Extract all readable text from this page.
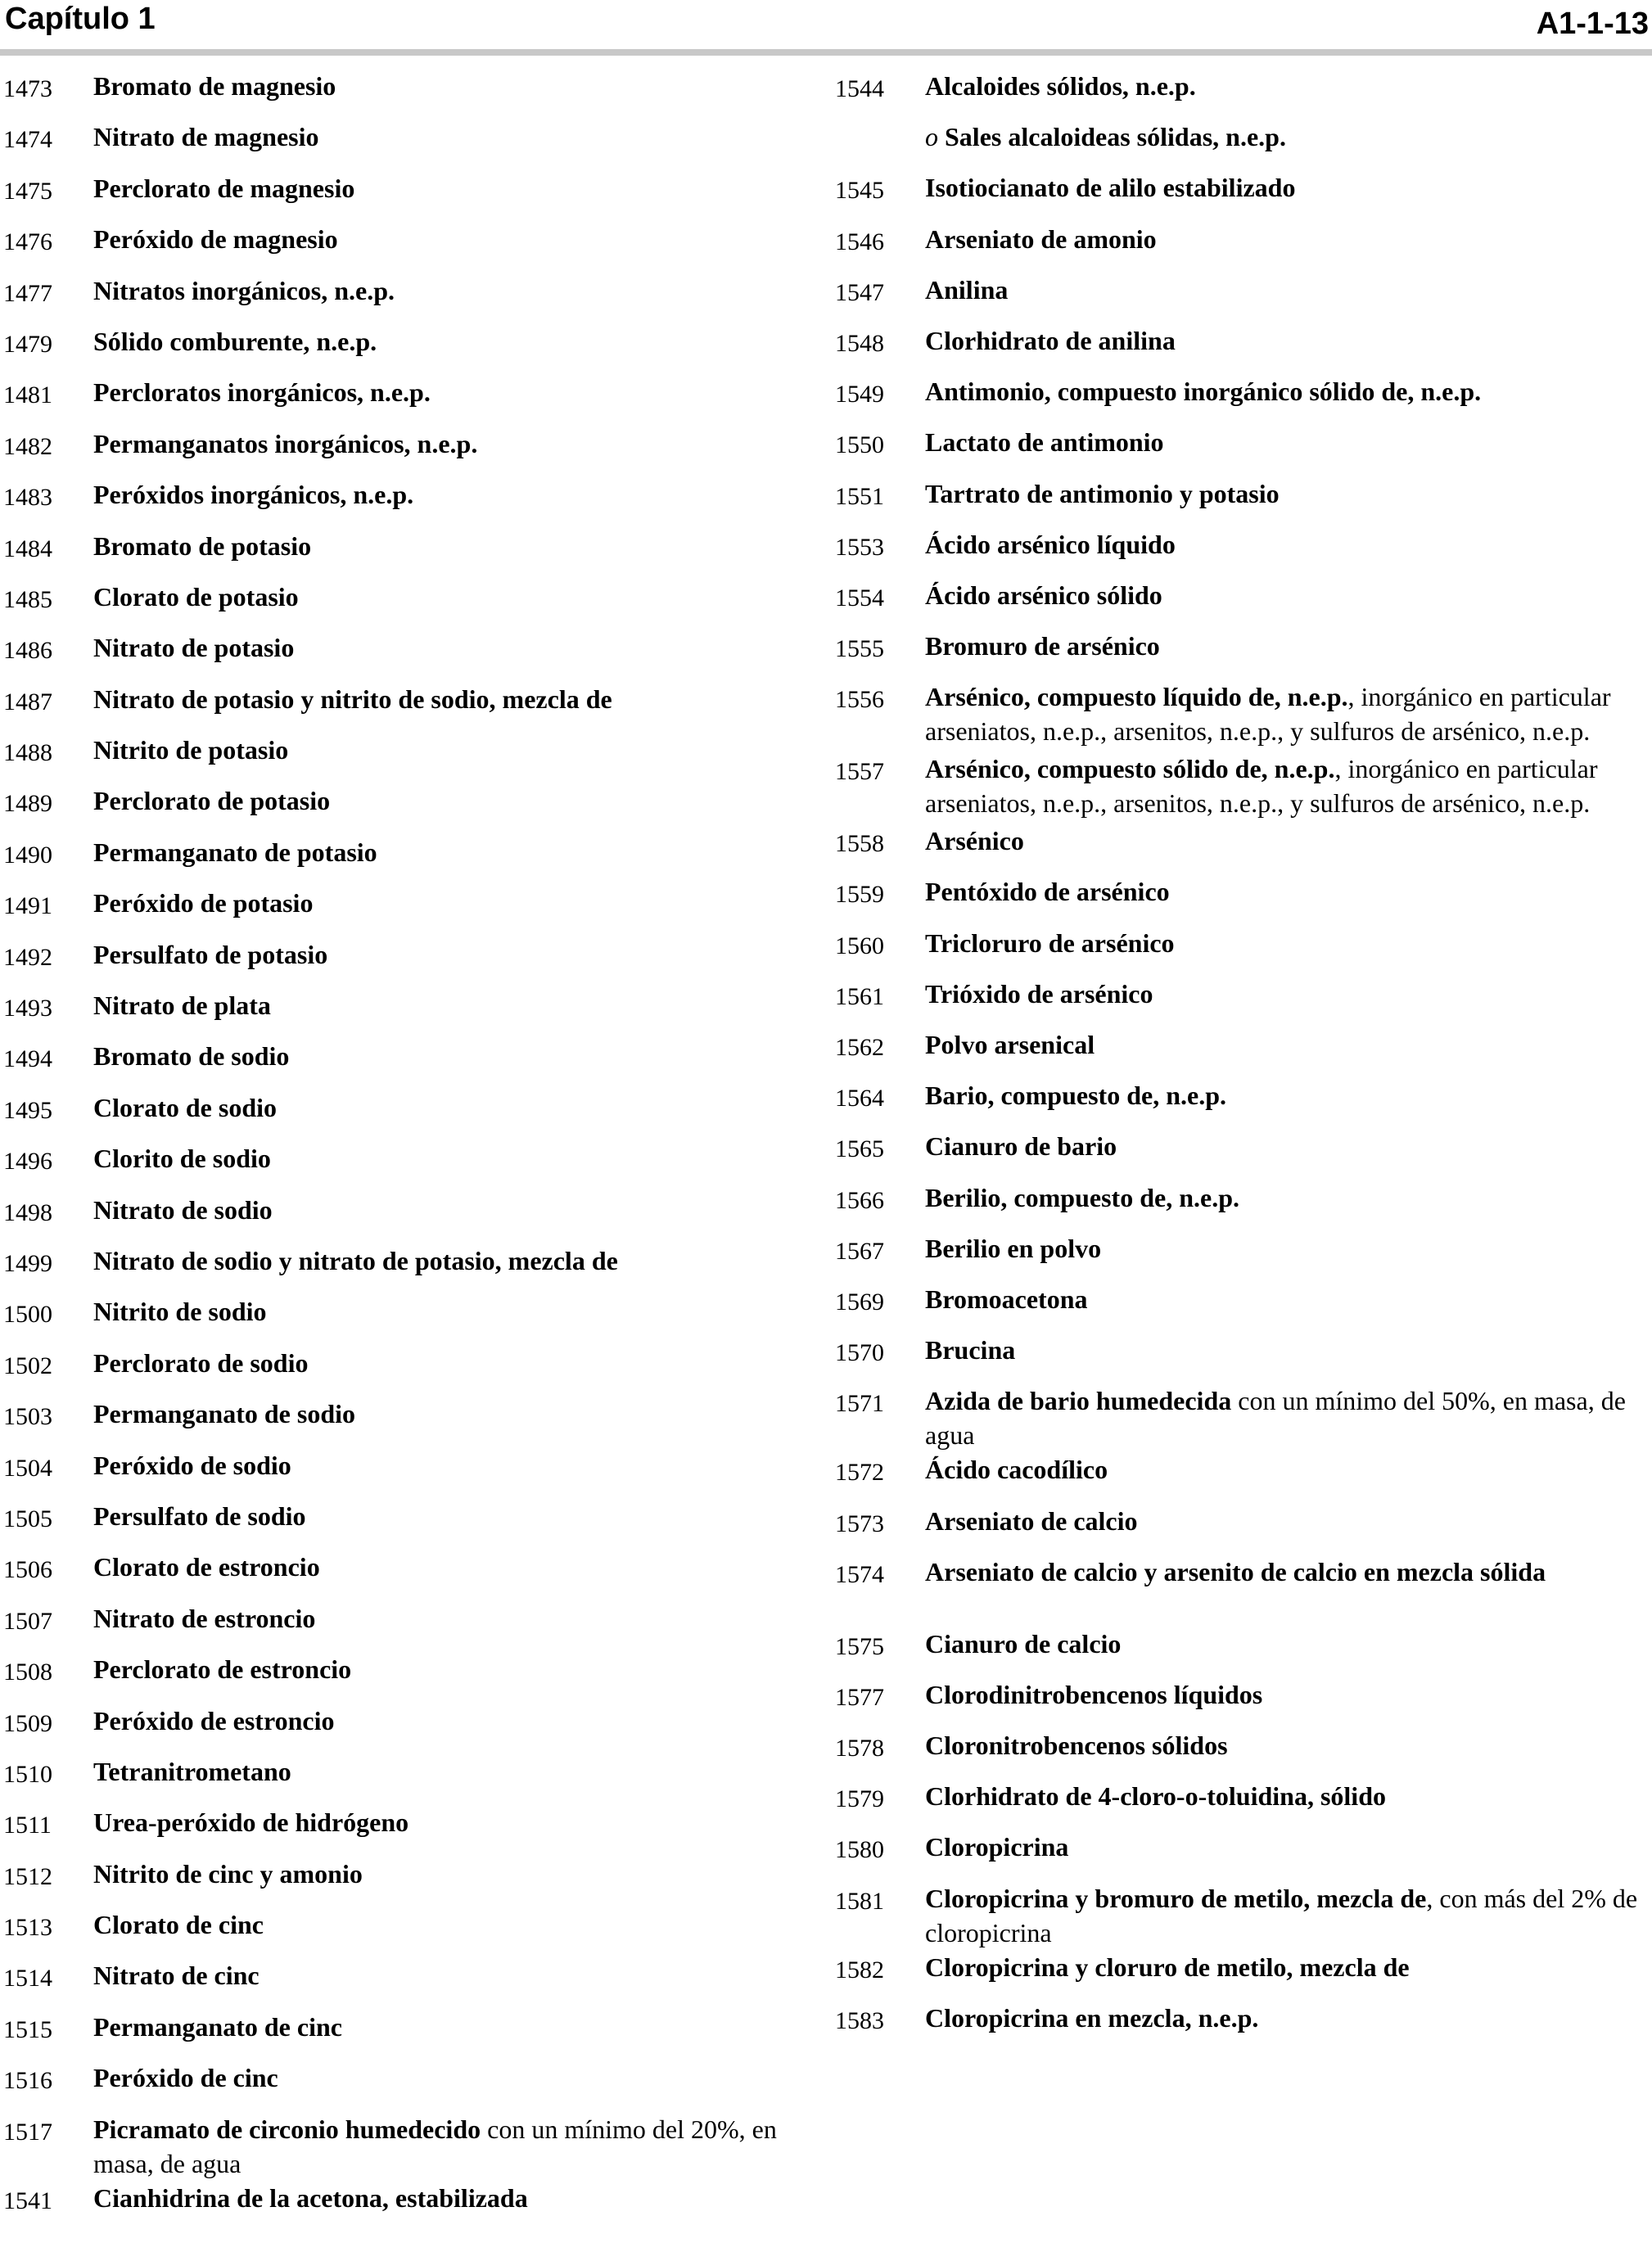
Capítulo 1	A1-1-13
1473	Bromato de magnesio
1474	Nitrato de magnesio
1475	Perclorato de magnesio
1476	Peróxido de magnesio
1477	Nitratos inorgánicos, n.e.p.
1479	Sólido comburente, n.e.p.
1481	Percloratos inorgánicos, n.e.p.
1482	Permanganatos inorgánicos, n.e.p.
1483	Peróxidos inorgánicos, n.e.p.
1484	Bromato de potasio
1485	Clorato de potasio
1486	Nitrato de potasio
1487	Nitrato de potasio y nitrito de sodio, mezcla de
1488	Nitrito de potasio
1489	Perclorato de potasio
1490	Permanganato de potasio
1491	Peróxido de potasio
1492	Persulfato de potasio
1493	Nitrato de plata
1494	Bromato de sodio
1495	Clorato de sodio
1496	Clorito de sodio
1498	Nitrato de sodio
1499	Nitrato de sodio y nitrato de potasio, mezcla de
1500	Nitrito de sodio
1502	Perclorato de sodio
1503	Permanganato de sodio
1504	Peróxido de sodio
1505	Persulfato de sodio
1506	Clorato de estroncio
1507	Nitrato de estroncio
1508	Perclorato de estroncio
1509	Peróxido de estroncio
1510	Tetranitrometano
1511	Urea-peróxido de hidrógeno
1512	Nitrito de cinc y amonio
1513	Clorato de cinc
1514	Nitrato de cinc
1515	Permanganato de cinc
1516	Peróxido de cinc
1517	Picramato de circonio humedecido con un mínimo del 20%, en masa, de agua
1541	Cianhidrina de la acetona, estabilizada
1544	Alcaloides sólidos, n.e.p.
o Sales alcaloideas sólidas, n.e.p.
1545	Isotiocianato de alilo estabilizado
1546	Arseniato de amonio
1547	Anilina
1548	Clorhidrato de anilina
1549	Antimonio, compuesto inorgánico sólido de, n.e.p.
1550	Lactato de antimonio
1551	Tartrato de antimonio y potasio
1553	Ácido arsénico líquido
1554	Ácido arsénico sólido
1555	Bromuro de arsénico
1556	Arsénico, compuesto líquido de, n.e.p., inorgánico en particular arseniatos, n.e.p., arsenitos, n.e.p., y sulfuros de arsénico, n.e.p.
1557	Arsénico, compuesto sólido de, n.e.p., inorgánico en particular arseniatos, n.e.p., arsenitos, n.e.p., y sulfuros de arsénico, n.e.p.
1558	Arsénico
1559	Pentóxido de arsénico
1560	Tricloruro de arsénico
1561	Trióxido de arsénico
1562	Polvo arsenical
1564	Bario, compuesto de, n.e.p.
1565	Cianuro de bario
1566	Berilio, compuesto de, n.e.p.
1567	Berilio en polvo
1569	Bromoacetona
1570	Brucina
1571	Azida de bario humedecida con un mínimo del 50%, en masa, de agua
1572	Ácido cacodílico
1573	Arseniato de calcio
1574	Arseniato de calcio y arsenito de calcio en mezcla sólida
1575	Cianuro de calcio
1577	Clorodinitrobencenos líquidos
1578	Cloronitrobencenos sólidos
1579	Clorhidrato de 4-cloro-o-toluidina, sólido
1580	Cloropicrina
1581	Cloropicrina y bromuro de metilo, mezcla de, con más del 2% de cloropicrina
1582	Cloropicrina y cloruro de metilo, mezcla de
1583	Cloropicrina en mezcla, n.e.p.
